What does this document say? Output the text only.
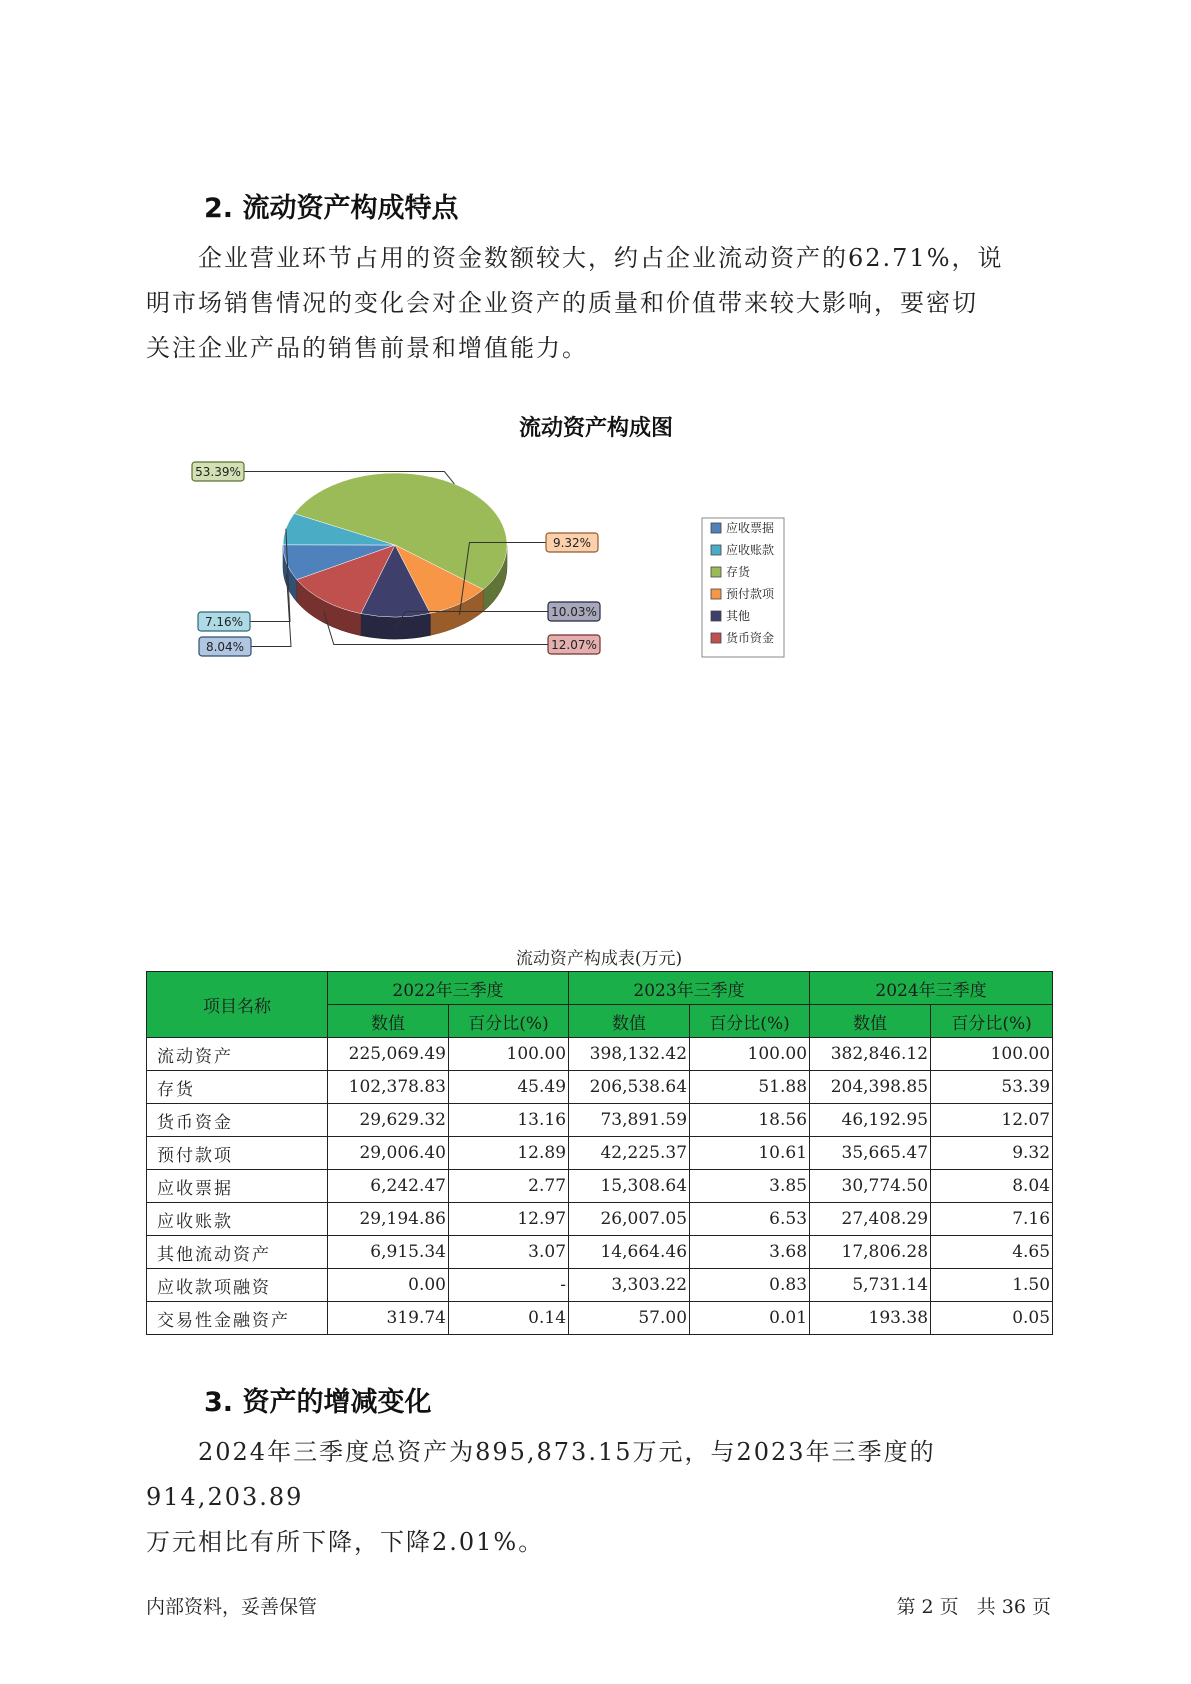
2. 流动资产构成特点

企业营业环节占用的资金数额较大，约占企业流动资产的62.71%，说

明市场销售情况的变化会对企业资产的质量和价值带来较大影响，要密切

关注企业产品的销售前景和增值能力。

流动资产构成图
8.04%
7.16%
53.39%
9.32%
10.03%
12.07%
应收票据
应收账款
存货
预付款项
其他
货币资金
流动资产构成表(万元)
项目名称	2022年三季度		2023年三季度		2024年三季度	
	数值	百分比(%)	数值	百分比(%)	数值	百分比(%)
流动资产	225,069.49	100.00	398,132.42	100.00	382,846.12	100.00
存货	102,378.83	45.49	206,538.64	51.88	204,398.85	53.39
货币资金	29,629.32	13.16	73,891.59	18.56	46,192.95	12.07
预付款项	29,006.40	12.89	42,225.37	10.61	35,665.47	9.32
应收票据	6,242.47	2.77	15,308.64	3.85	30,774.50	8.04
应收账款	29,194.86	12.97	26,007.05	6.53	27,408.29	7.16
其他流动资产	6,915.34	3.07	14,664.46	3.68	17,806.28	4.65
应收款项融资	0.00	-	3,303.22	0.83	5,731.14	1.50
交易性金融资产	319.74	0.14	57.00	0.01	193.38	0.05
3. 资产的增减变化

2024年三季度总资产为895,873.15万元，与2023年三季度的914,203.89

万元相比有所下降，下降2.01%。

内部资料，妥善保管	第 2 页   共 36 页
